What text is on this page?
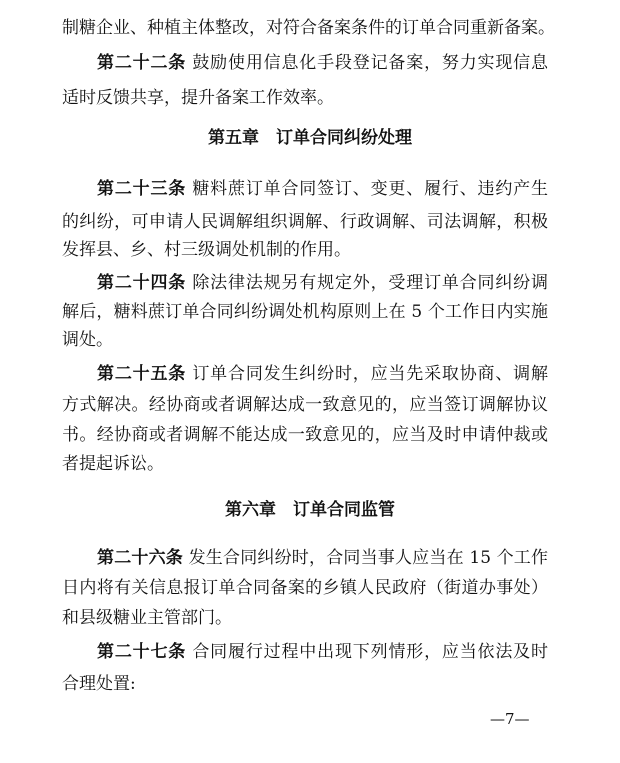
制糖企业、种植主体整改，对符合备案条件的订单合同重新备案。
第二十二条 鼓励使用信息化手段登记备案，努力实现信息
适时反馈共享，提升备案工作效率。
第五章　订单合同纠纷处理
第二十三条 糖料蔗订单合同签订、变更、履行、违约产生
的纠纷，可申请人民调解组织调解、行政调解、司法调解，积极
发挥县、乡、村三级调处机制的作用。
第二十四条 除法律法规另有规定外，受理订单合同纠纷调
解后，糖料蔗订单合同纠纷调处机构原则上在 5 个工作日内实施
调处。
第二十五条 订单合同发生纠纷时，应当先采取协商、调解
方式解决。经协商或者调解达成一致意见的，应当签订调解协议
书。经协商或者调解不能达成一致意见的，应当及时申请仲裁或
者提起诉讼。
第六章　订单合同监管
第二十六条 发生合同纠纷时，合同当事人应当在 15 个工作
日内将有关信息报订单合同备案的乡镇人民政府（街道办事处）
和县级糖业主管部门。
第二十七条 合同履行过程中出现下列情形，应当依法及时
合理处置:
—7—
